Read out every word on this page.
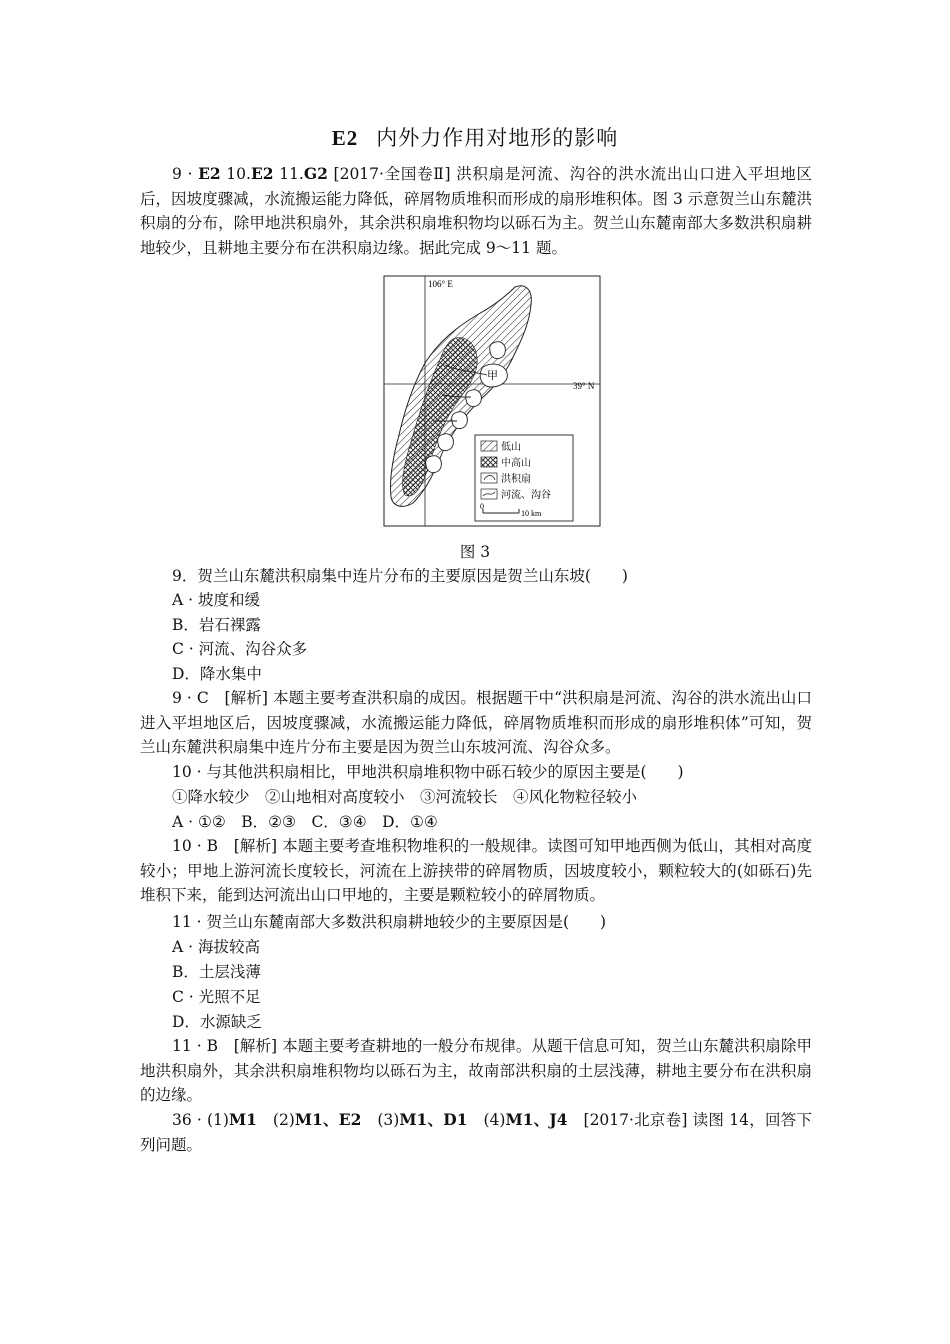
E2 内外力作用对地形的影响
9 · E2 10.E2 11.G2 [2017·全国卷Ⅱ] 洪积扇是河流、沟谷的洪水流出山口进入平坦地区后，因坡度骤减，水流搬运能力降低，碎屑物质堆积而形成的扇形堆积体。图 3 示意贺兰山东麓洪积扇的分布，除甲地洪积扇外，其余洪积扇堆积物均以砾石为主。贺兰山东麓南部大多数洪积扇耕地较少，且耕地主要分布在洪积扇边缘。据此完成 9～11 题。
106° E
39° N
甲
低山
中高山
洪积扇
河流、沟谷
0
10 km
图 3
9．贺兰山东麓洪积扇集中连片分布的主要原因是贺兰山东坡(　　)
A · 坡度和缓
B．岩石裸露
C · 河流、沟谷众多
D．降水集中
9 · C　[解析] 本题主要考查洪积扇的成因。根据题干中“洪积扇是河流、沟谷的洪水流出山口进入平坦地区后，因坡度骤减，水流搬运能力降低，碎屑物质堆积而形成的扇形堆积体”可知，贺兰山东麓洪积扇集中连片分布主要是因为贺兰山东坡河流、沟谷众多。
10 · 与其他洪积扇相比，甲地洪积扇堆积物中砾石较少的原因主要是(　　)
①降水较少　②山地相对高度较小　③河流较长　④风化物粒径较小
A · ①②　B．②③　C．③④　D．①④
10 · B　[解析] 本题主要考查堆积物堆积的一般规律。读图可知甲地西侧为低山，其相对高度较小；甲地上游河流长度较长，河流在上游挟带的碎屑物质，因坡度较小，颗粒较大的(如砾石)先堆积下来，能到达河流出山口甲地的，主要是颗粒较小的碎屑物质。
11 · 贺兰山东麓南部大多数洪积扇耕地较少的主要原因是(　　)
A · 海拔较高
B．土层浅薄
C · 光照不足
D．水源缺乏
11 · B　[解析] 本题主要考查耕地的一般分布规律。从题干信息可知，贺兰山东麓洪积扇除甲地洪积扇外，其余洪积扇堆积物均以砾石为主，故南部洪积扇的土层浅薄，耕地主要分布在洪积扇的边缘。
36 · (1)M1　(2)M1、E2　(3)M1、D1　(4)M1、J4　[2017·北京卷] 读图 14，回答下列问题。
